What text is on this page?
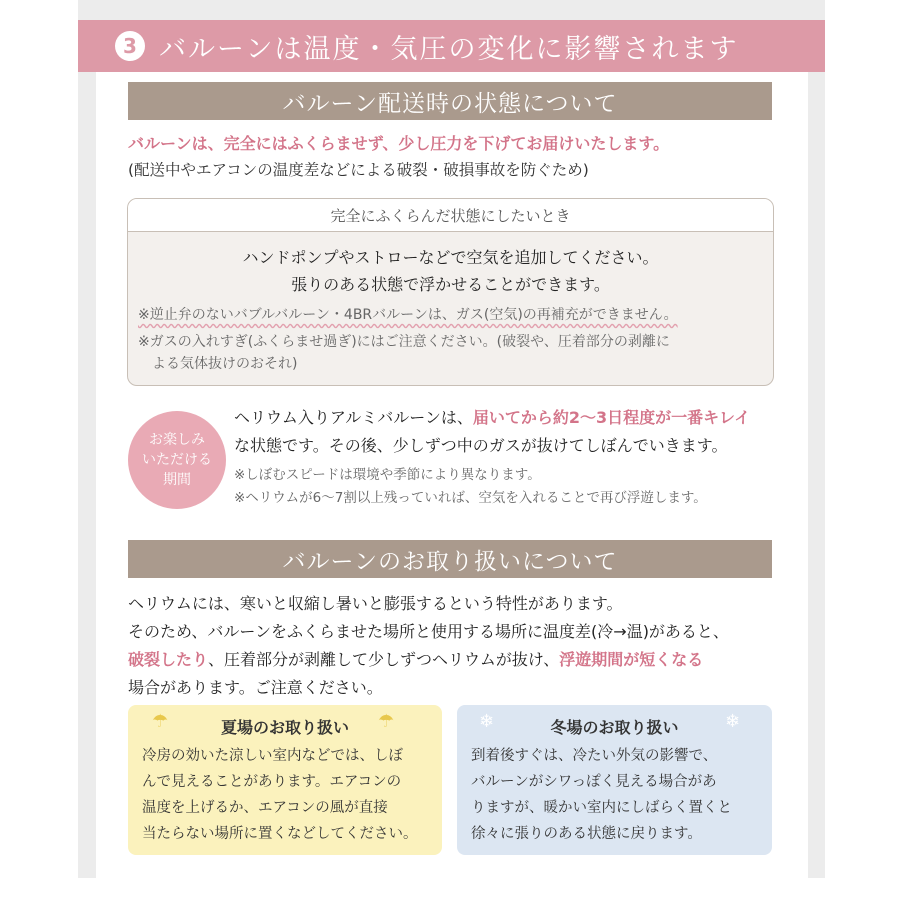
3 バルーンは温度・気圧の変化に影響されます
バルーン配送時の状態について
バルーンは、完全にはふくらませず、少し圧力を下げてお届けいたします。
(配送中やエアコンの温度差などによる破裂・破損事故を防ぐため)
完全にふくらんだ状態にしたいとき
ハンドポンプやストローなどで空気を追加してください。
張りのある状態で浮かせることができます。
※逆止弁のないバブルバルーン・4BRバルーンは、ガス(空気)の再補充ができません。
※ガスの入れすぎ(ふくらませ過ぎ)にはご注意ください。(破裂や、圧着部分の剥離に
よる気体抜けのおそれ)
お楽しみ
いただける
期間
ヘリウム入りアルミバルーンは、届いてから約2～3日程度が一番キレイ
な状態です。その後、少しずつ中のガスが抜けてしぼんでいきます。
※しぼむスピードは環境や季節により異なります。
※ヘリウムが6～7割以上残っていれば、空気を入れることで再び浮遊します。
バルーンのお取り扱いについて
ヘリウムには、寒いと収縮し暑いと膨張するという特性があります。
そのため、バルーンをふくらませた場所と使用する場所に温度差(冷→温)があると、
破裂したり、圧着部分が剥離して少しずつヘリウムが抜け、浮遊期間が短くなる
場合があります。ご注意ください。
☂	☂
夏場のお取り扱い
冷房の効いた涼しい室内などでは、しぼ
んで見えることがあります。エアコンの
温度を上げるか、エアコンの風が直接
当たらない場所に置くなどしてください。
❄	❄
冬場のお取り扱い
到着後すぐは、冷たい外気の影響で、
バルーンがシワっぽく見える場合があ
りますが、暖かい室内にしばらく置くと
徐々に張りのある状態に戻ります。
